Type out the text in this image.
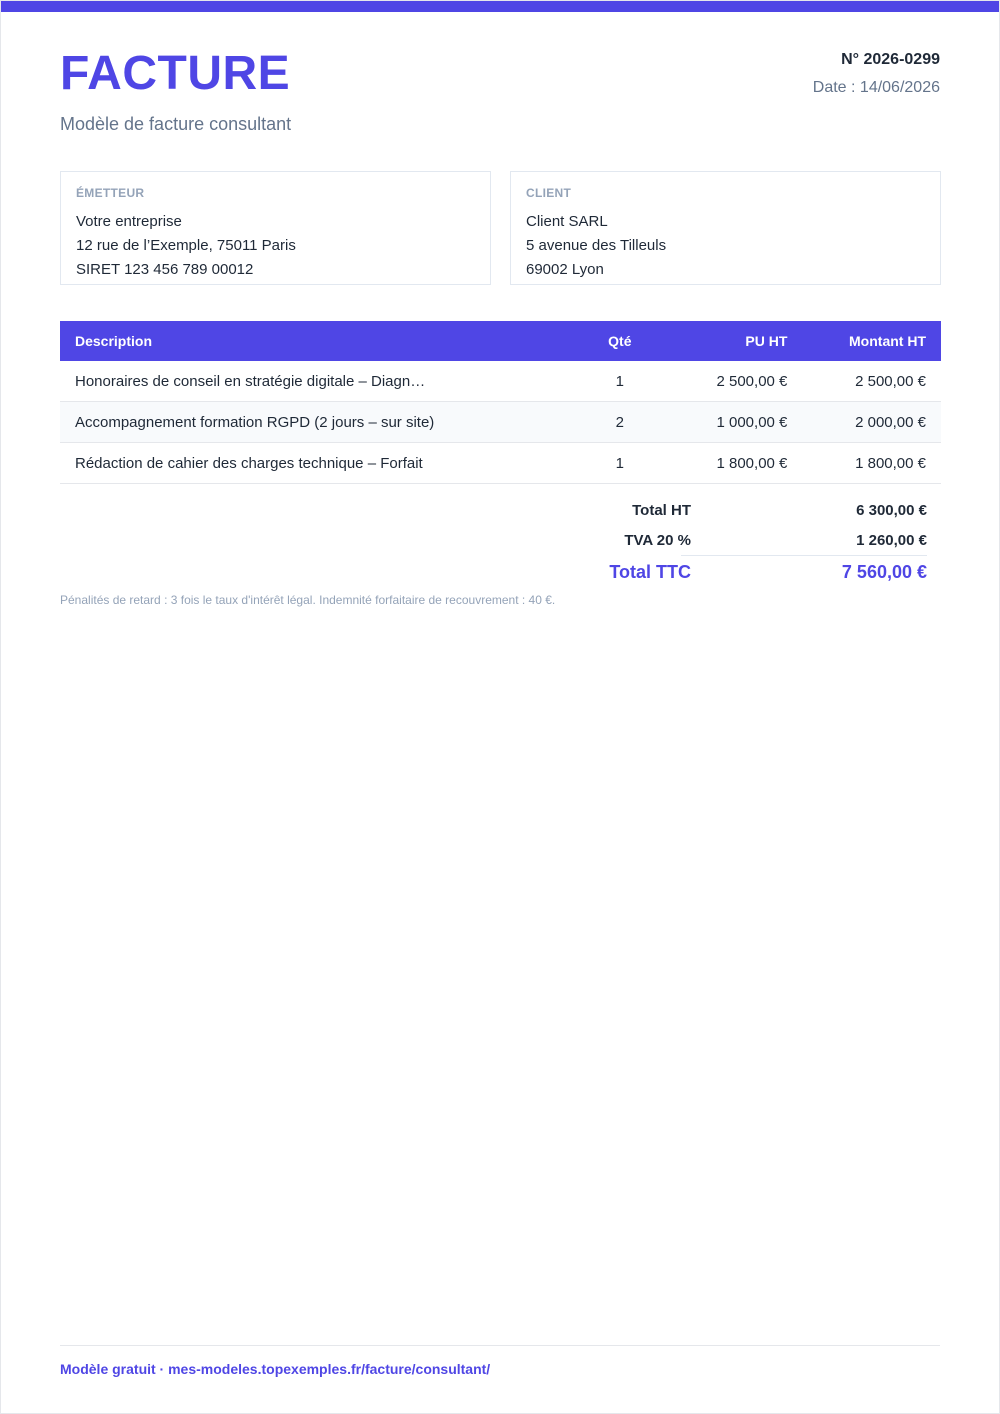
FACTURE
Modèle de facture consultant
N° 2026-0299
Date : 14/06/2026
ÉMETTEUR
Votre entreprise
12 rue de l’Exemple, 75011 Paris
SIRET 123 456 789 00012
CLIENT
Client SARL
5 avenue des Tilleuls
69002 Lyon
Description	Qté	PU HT	Montant HT
Honoraires de conseil en stratégie digitale – Diagn…	1	2 500,00 €	2 500,00 €
Accompagnement formation RGPD (2 jours – sur site)	2	1 000,00 €	2 000,00 €
Rédaction de cahier des charges technique – Forfait	1	1 800,00 €	1 800,00 €
Total HT	6 300,00 €
TVA 20 %	1 260,00 €
Total TTC	7 560,00 €
Pénalités de retard : 3 fois le taux d'intérêt légal. Indemnité forfaitaire de recouvrement : 40 €.
Modèle gratuit · mes-modeles.topexemples.fr/facture/consultant/
